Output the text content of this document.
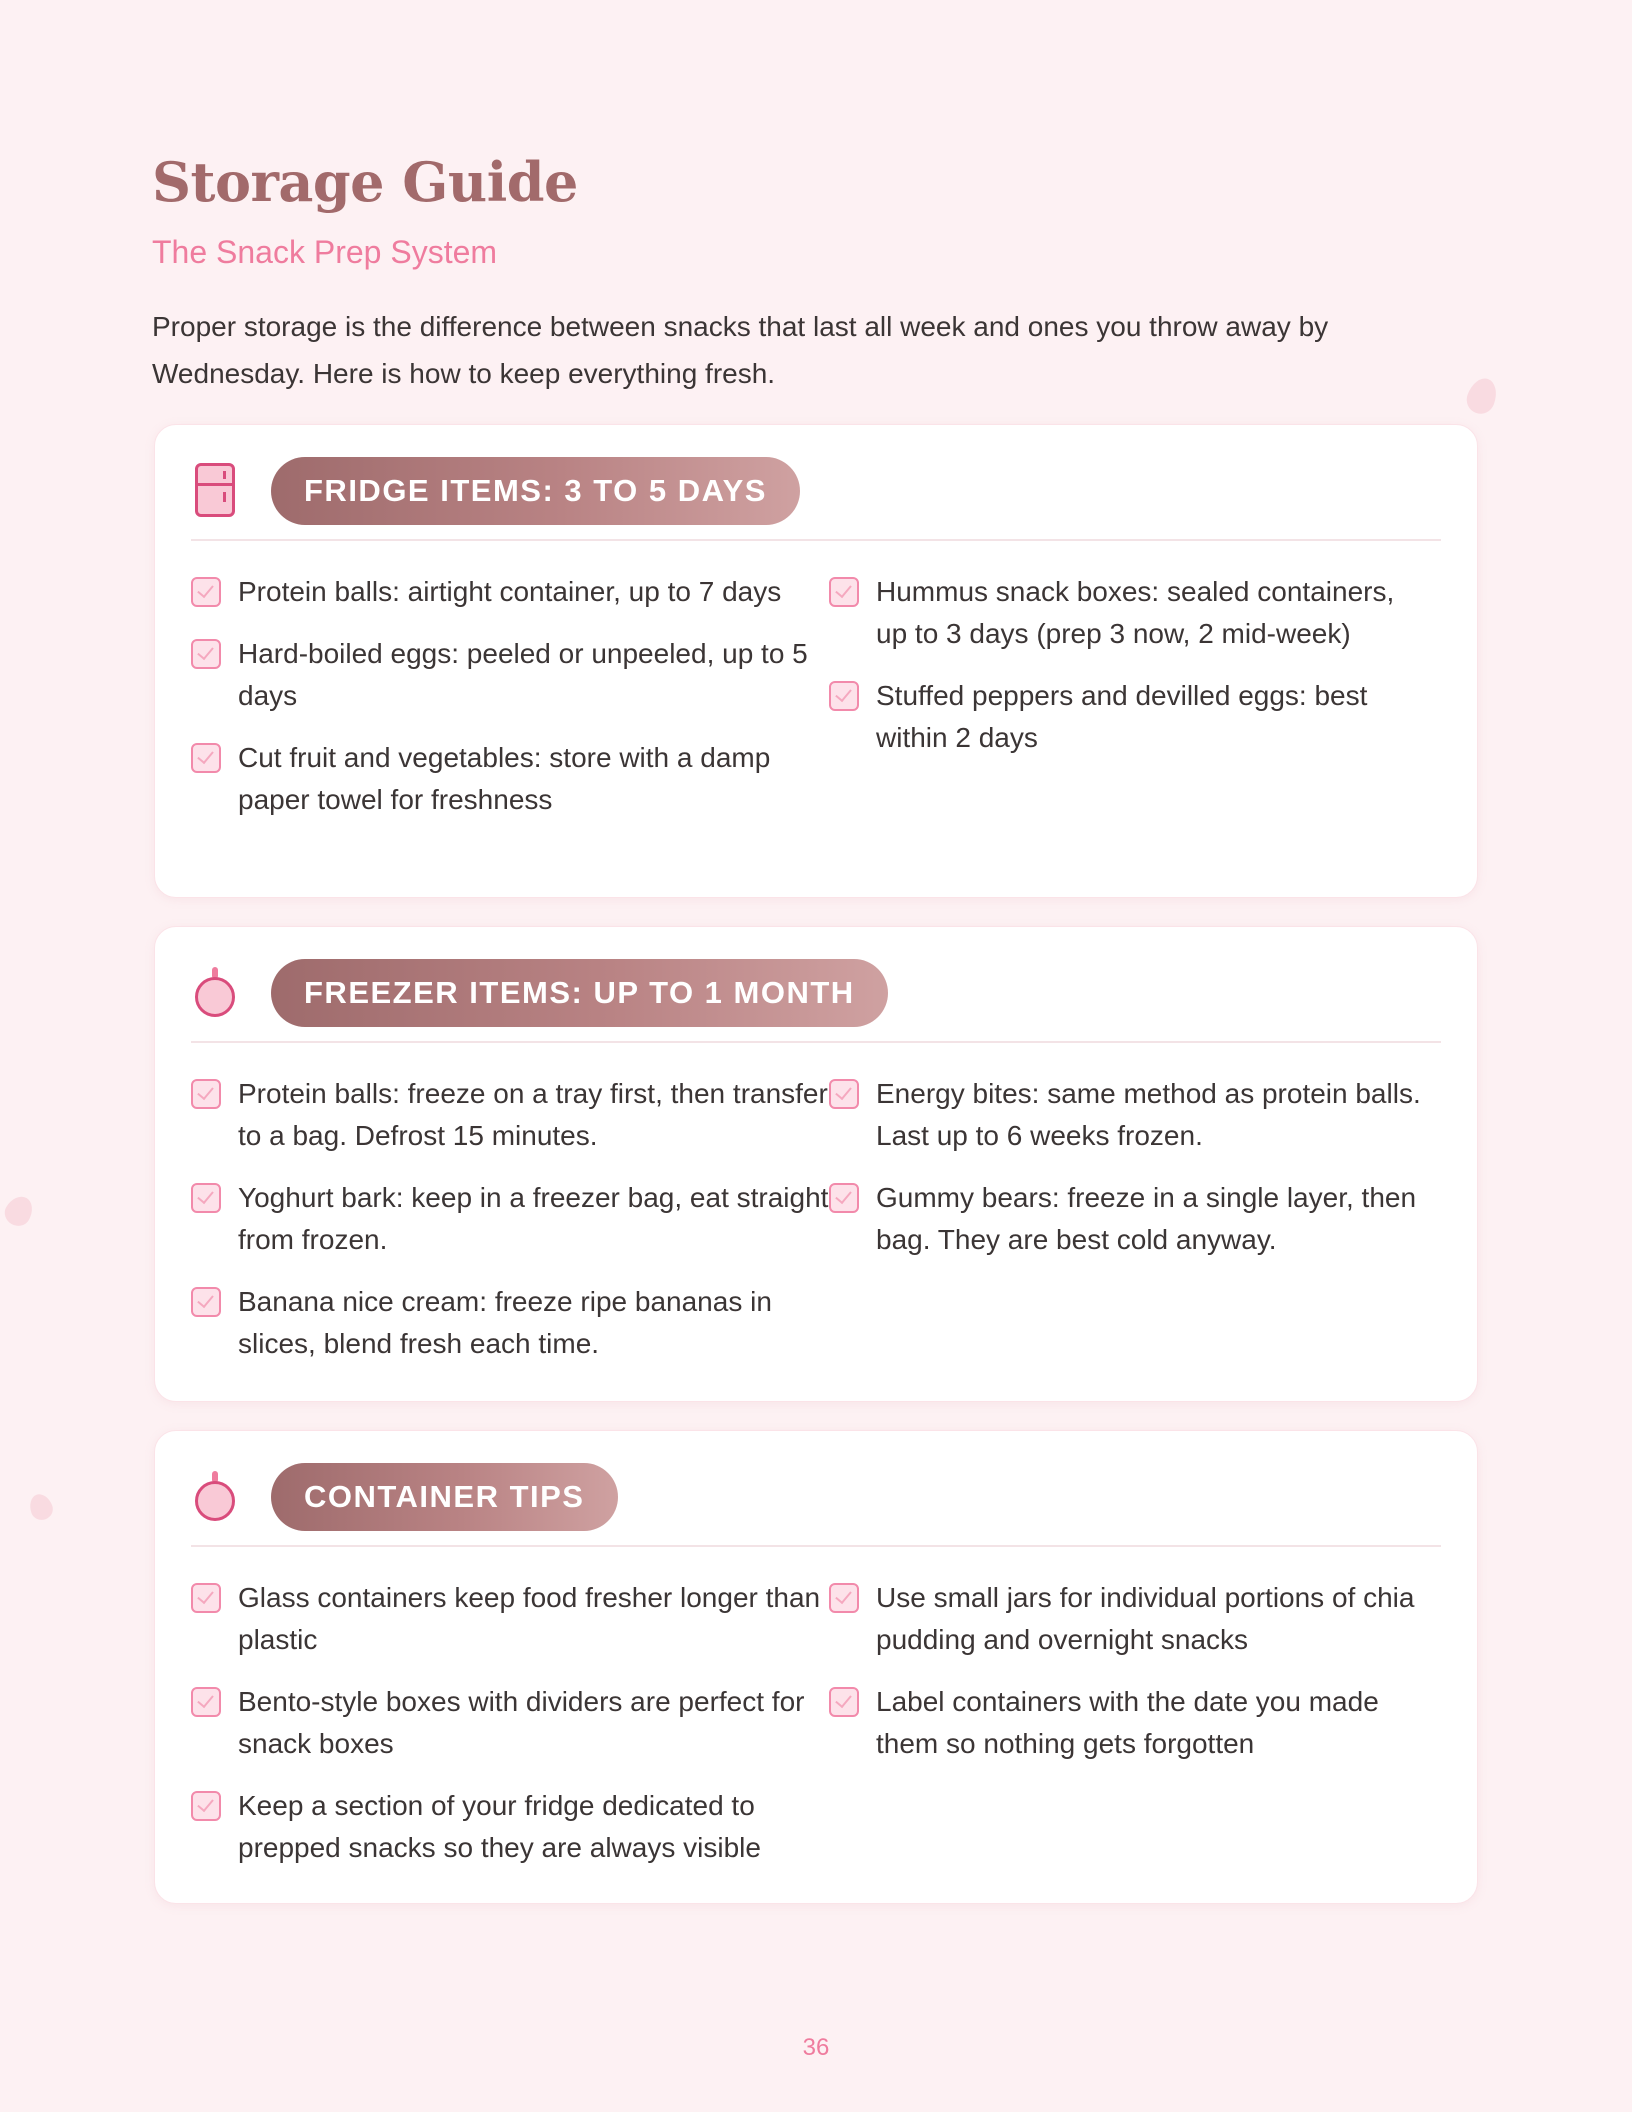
Storage Guide
The Snack Prep System

Proper storage is the difference between snacks that last all week and ones you throw away by Wednesday. Here is how to keep everything fresh.

FRIDGE ITEMS: 3 TO 5 DAYS
Protein balls: airtight container, up to 7 days
Hard-boiled eggs: peeled or unpeeled, up to 5 days
Cut fruit and vegetables: store with a damp paper towel for freshness
Hummus snack boxes: sealed containers, up to 3 days (prep 3 now, 2 mid-week)
Stuffed peppers and devilled eggs: best within 2 days
FREEZER ITEMS: UP TO 1 MONTH
Protein balls: freeze on a tray first, then transfer to a bag. Defrost 15 minutes.
Yoghurt bark: keep in a freezer bag, eat straight from frozen.
Banana nice cream: freeze ripe bananas in slices, blend fresh each time.
Energy bites: same method as protein balls. Last up to 6 weeks frozen.
Gummy bears: freeze in a single layer, then bag. They are best cold anyway.
CONTAINER TIPS
Glass containers keep food fresher longer than plastic
Bento-style boxes with dividers are perfect for snack boxes
Keep a section of your fridge dedicated to prepped snacks so they are always visible
Use small jars for individual portions of chia pudding and overnight snacks
Label containers with the date you made them so nothing gets forgotten
36
